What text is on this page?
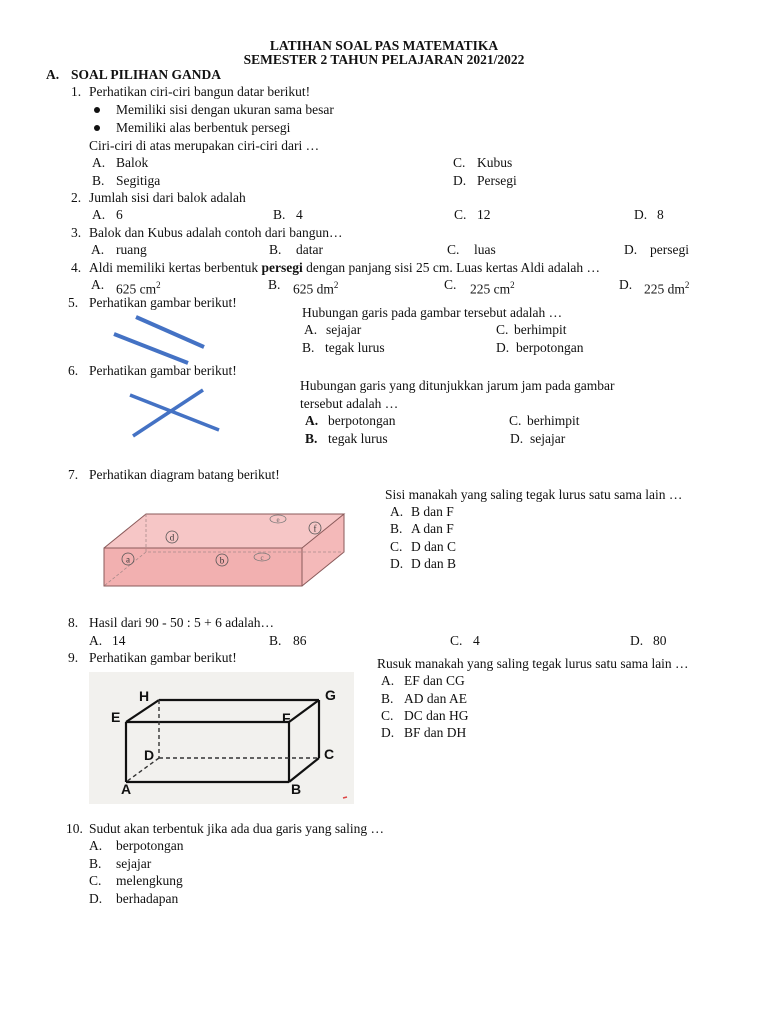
LATIHAN SOAL PAS MATEMATIKA
SEMESTER 2 TAHUN PELAJARAN 2021/2022
A. SOAL PILIHAN GANDA
1. Perhatikan ciri-ciri bangun datar berikut!
Memiliki sisi dengan ukuran sama besar
Memiliki alas berbentuk persegi
Ciri-ciri di atas merupakan ciri-ciri dari …
A. Balok	C. Kubus
B. Segitiga	D. Persegi
2. Jumlah sisi dari balok adalah
A. 6	B. 4	C. 12	D. 8
3. Balok dan Kubus adalah contoh dari bangun…
A. ruang	B. datar	C. luas	D. persegi
4. Aldi memiliki kertas berbentuk persegi dengan panjang sisi 25 cm. Luas kertas Aldi adalah …
A. 625 $cm^2$	B. 625 $dm^2$	C. 225 $cm^2$	D. 225 $dm^2$
5. Perhatikan gambar berikut!
Hubungan garis pada gambar tersebut adalah …
A. sejajar	C. berhimpit
B. tegak lurus	D. berpotongan
6. Perhatikan gambar berikut!
Hubungan garis yang ditunjukkan jarum jam pada gambar
tersebut adalah …
A. berpotongan	C. berhimpit
B. tegak lurus	D. sejajar
7. Perhatikan diagram batang berikut!
d
e
f
a	b	c
Sisi manakah yang saling tegak lurus satu sama lain …
A. B dan F
B. A dan F
C. D dan C
D. D dan B
8. Hasil dari 90 - 50 : 5 + 6 adalah…
A. 14	B. 86	C. 4	D. 80
9. Perhatikan gambar berikut!
H	G
E	F
D	C
A	B
Rusuk manakah yang saling tegak lurus satu sama lain …
A. EF dan CG
B. AD dan AE
C. DC dan HG
D. BF dan DH
10. Sudut akan terbentuk jika ada dua garis yang saling …
A. berpotongan
B. sejajar
C. melengkung
D. berhadapan
